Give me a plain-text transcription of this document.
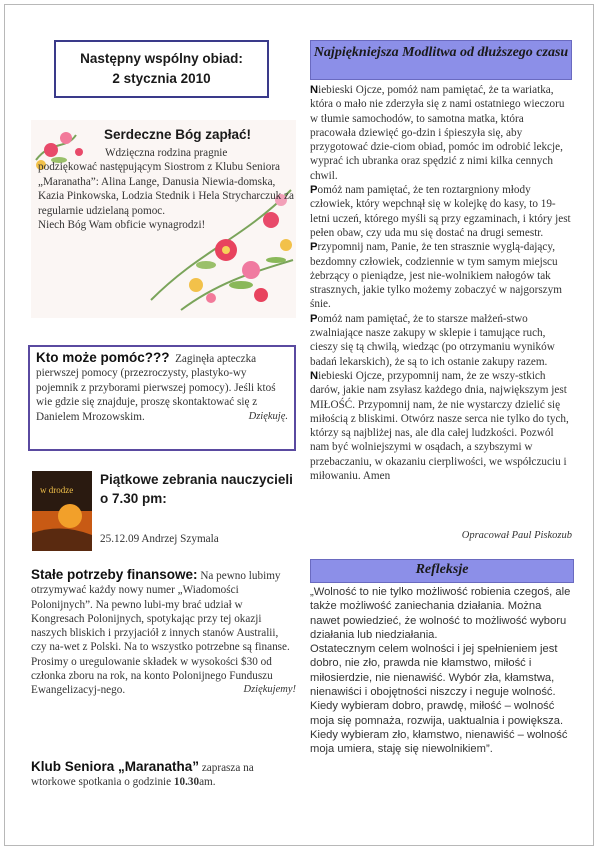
Następny wspólny obiad:
2 stycznia 2010
Serdeczne Bóg zapłać!
Wdzięczna rodzina pragnie
podziękować następującym Siostrom z Klubu Seniora „Maranatha”: Alina Lange, Danusia Niewia-domska, Kazia Pinkowska, Lodzia Stednik i Hela Strycharczuk za regularnie udzielaną pomoc.
Niech Bóg Wam obficie wynagrodzi!
Kto może pomóc??? Zaginęła apteczka pierwszej pomocy (przezroczysty, plastyko-wy pojemnik z przyborami pierwszej pomocy). Jeśli ktoś wie gdzie się znajduje, proszę skontaktować się z Danielem Mrozowskim.	Dziękuję.
w drodze
Piątkowe zebrania nauczycieli o 7.30 pm:
25.12.09 Andrzej Szymala
Stałe potrzeby finansowe: Na pewno lubimy otrzymywać każdy nowy numer „Wiadomości Polonijnych”. Na pewno lubi-my brać udział w Kongresach Polonijnych, spotykając przy tej okazji naszych bliskich i przyjaciół z innych stanów Australii, czy na-wet z Polski. Na to wszystko potrzebne są finanse. Prosimy o uregulowanie składek w wysokości $30 od członka zboru na rok, na konto Polonijnego Funduszu Ewangelizacyj-nego.	Dziękujemy!
Klub Seniora „Maranatha” zaprasza na wtorkowe spotkania o godzinie 10.30am.
Najpiękniejsza Modlitwa od dłuższego czasu

Niebieski Ojcze, pomóż nam pamiętać, że ta wariatka, która o mało nie zderzyła się z nami ostatniego wieczoru w tłumie samochodów, to samotna matka, która pracowała dziewięć go-dzin i śpieszyła się, aby przygotować dzie-ciom obiad, pomóc im odrobić lekcje, wyprać ich ubranka oraz spędzić z nimi kilka cennych chwil.

Pomóż nam pamiętać, że ten roztargniony młody człowiek, który wepchnął się w kolejkę do kasy, to 19-letni uczeń, którego myśli są przy egzaminach, i który jest pełen obaw, czy uda mu się dostać na drugi semestr.

Przypomnij nam, Panie, że ten strasznie wyglą-dający, bezdomny człowiek, codziennie w tym samym miejscu żebrzący o pieniądze, jest nie-wolnikiem nałogów tak strasznych, jakie tylko możemy zobaczyć w najgorszym śnie.

Pomóż nam pamiętać, że to starsze małżeń-stwo zwalniające nasze zakupy w sklepie i tamujące ruch, cieszy się tą chwilą, wiedząc (po otrzymaniu wyników badań lekarskich), że są to ich ostanie zakupy razem.

Niebieski Ojcze, przypomnij nam, że ze wszy-stkich darów, jakie nam zsyłasz każdego dnia, największym jest MIŁOŚĆ. Przypomnij nam, że nie wystarczy dzielić się miłością z bliskimi. Otwórz nasze serca nie tylko do tych, którzy są najbliżej nas, ale dla całej ludzkości. Pozwól nam być wolniejszymi w osądach, a szybszymi w przebaczaniu, w okazaniu cierpliwości, we współczuciu i miłowaniu. Amen

Opracował Paul Piskozub
Refleksje

„Wolność to nie tylko możliwość robienia czegoś, ale także możliwość zaniechania działania. Można nawet powiedzieć, że wolność to możliwość wyboru działania lub niedziałania.

Ostatecznym celem wolności i jej spełnieniem jest dobro, nie zło, prawda nie kłamstwo, miłość i miłosierdzie, nie nienawiść. Wybór zła, kłamstwa, nienawiści i obojętności niszczy i neguje wolność. Kiedy wybieram dobro, prawdę, miłość – wolność moja się pomnaża, rozwija, uaktualnia i powiększa. Kiedy wybieram zło, kłamstwo, nienawiść – wolność moja umiera, staję się niewolnikiem”.
